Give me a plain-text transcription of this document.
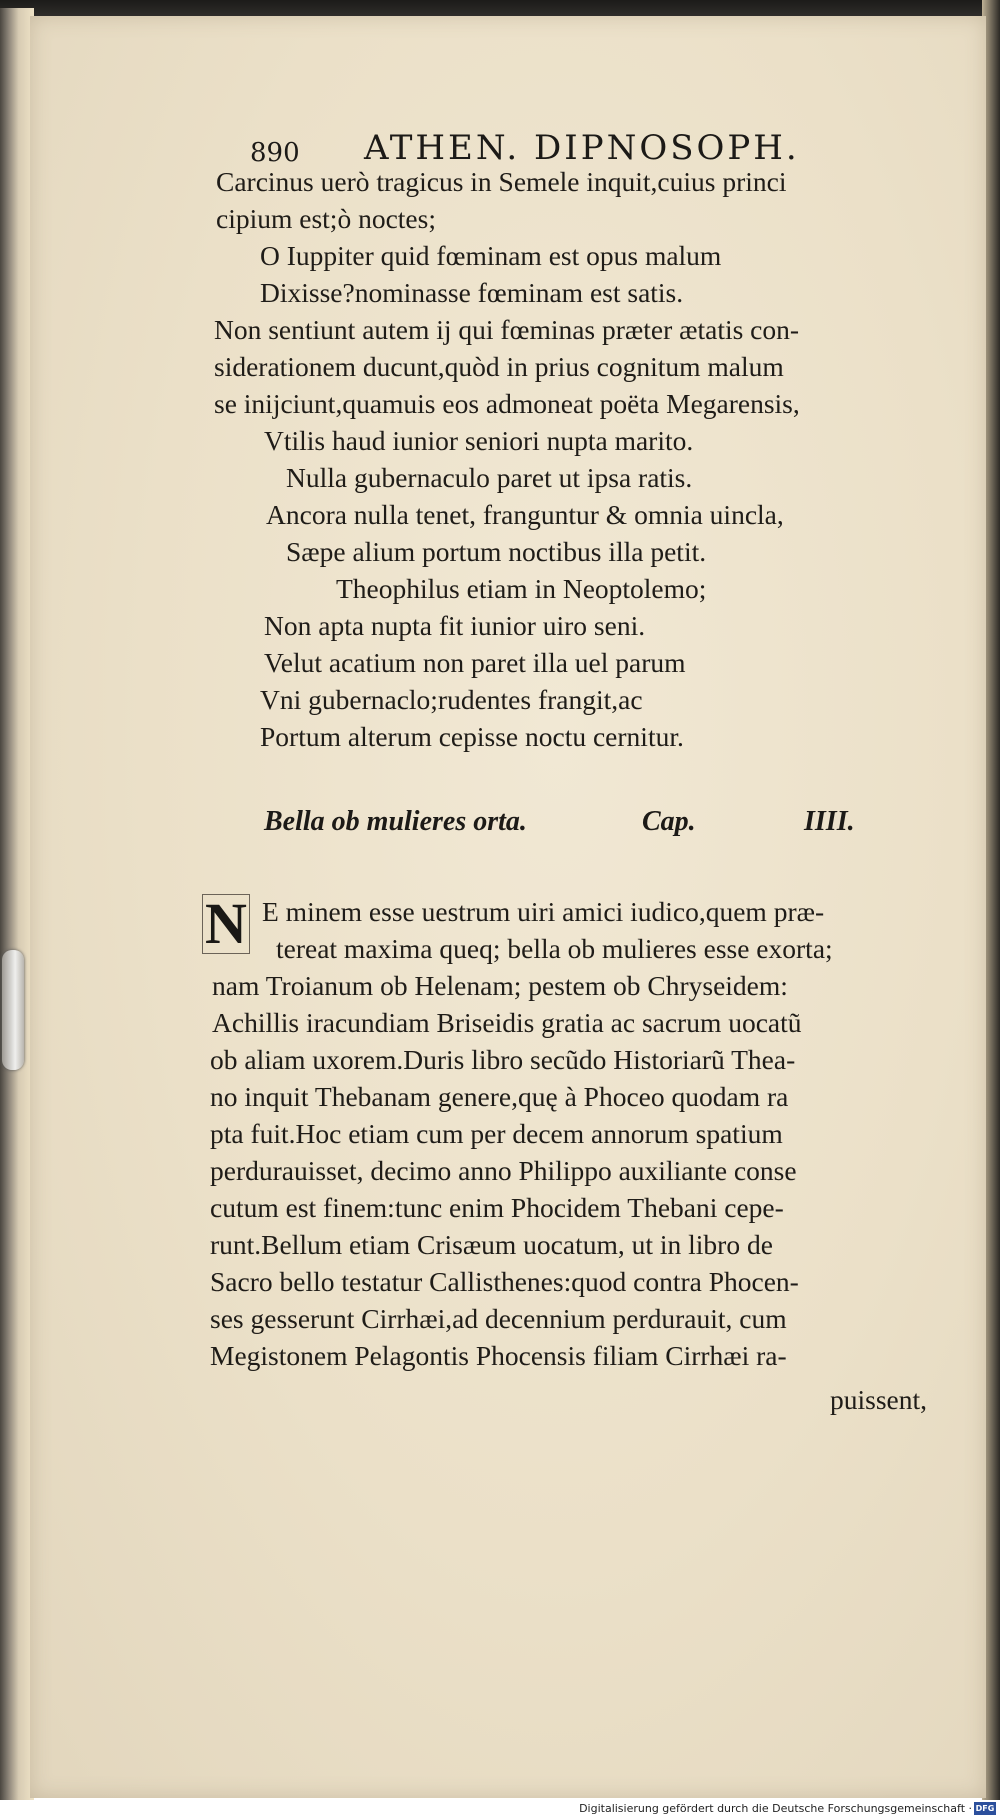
890 ATHEN. DIPNOSOPH.
Carcinus uerò tragicus in Semele inquit,cuius princi
cipium est;ò noctes;
O Iuppiter quid fœminam est opus malum
Dixisse?nominasse fœminam est satis.
Non sentiunt autem ij qui fœminas præter ætatis con-
siderationem ducunt,quòd in prius cognitum malum
se inijciunt,quamuis eos admoneat poëta Megarensis,
Vtilis haud iunior seniori nupta marito.
Nulla gubernaculo paret ut ipsa ratis.
Ancora nulla tenet, franguntur & omnia uincla,
Sæpe alium portum noctibus illa petit.
Theophilus etiam in Neoptolemo;
Non apta nupta fit iunior uiro seni.
Velut acatium non paret illa uel parum
Vni gubernaclo;rudentes frangit,ac
Portum alterum cepisse noctu cernitur.
Bella ob mulieres orta.	Cap.	IIII.
N E minem esse uestrum uiri amici iudico,quem præ-
tereat maxima queq; bella ob mulieres esse exorta;
nam Troianum ob Helenam; pestem ob Chryseidem:
Achillis iracundiam Briseidis gratia ac sacrum uocatũ
ob aliam uxorem.Duris libro secũdo Historiarũ Thea-
no inquit Thebanam genere,quę à Phoceo quodam ra
pta fuit.Hoc etiam cum per decem annorum spatium
perdurauisset, decimo anno Philippo auxiliante conse
cutum est finem:tunc enim Phocidem Thebani cepe-
runt.Bellum etiam Crisæum uocatum, ut in libro de
Sacro bello testatur Callisthenes:quod contra Phocen-
ses gesserunt Cirrhæi,ad decennium perdurauit, cum
Megistonem Pelagontis Phocensis filiam Cirrhæi ra-
puissent,
Digitalisierung gefördert durch die Deutsche Forschungsgemeinschaft · DFG
